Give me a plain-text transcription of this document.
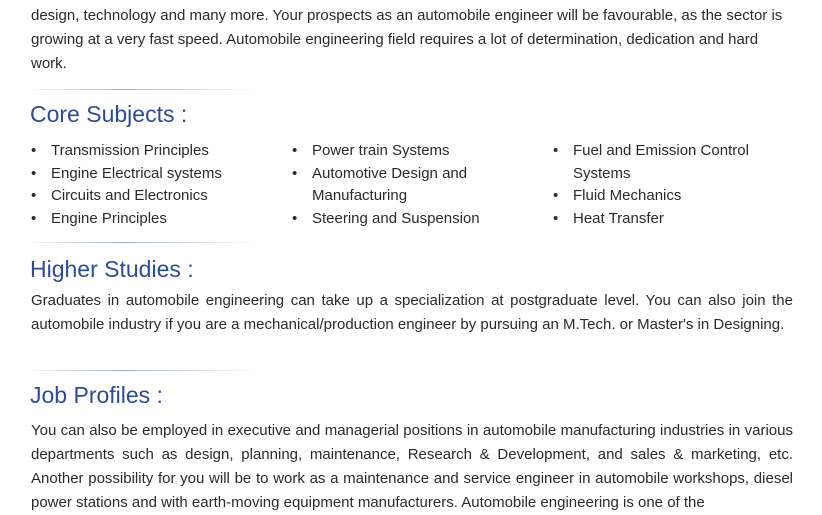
design, technology and many more. Your prospects as an automobile engineer will be favourable, as the sector is

growing at a very fast speed. Automobile engineering field requires a lot of determination, dedication and hard work.

Core Subjects :
• Transmission Principles
• Engine Electrical systems
• Circuits and Electronics
• Engine Principles
• Power train Systems
• Automotive Design and Manufacturing
• Steering and Suspension
• Fuel and Emission Control Systems
• Fluid Mechanics
• Heat Transfer
Higher Studies :

Graduates in automobile engineering can take up a specialization at postgraduate level. You can also join the automobile industry if you are a mechanical/production engineer by pursuing an M.Tech. or Master's in Designing.

Job Profiles :

You can also be employed in executive and managerial positions in automobile manufacturing industries in various departments such as design, planning, maintenance, Research & Development, and sales & marketing, etc. Another possibility for you will be to work as a maintenance and service engineer in automobile workshops, diesel power stations and with earth-moving equipment manufacturers. Automobile engineering is one of the
